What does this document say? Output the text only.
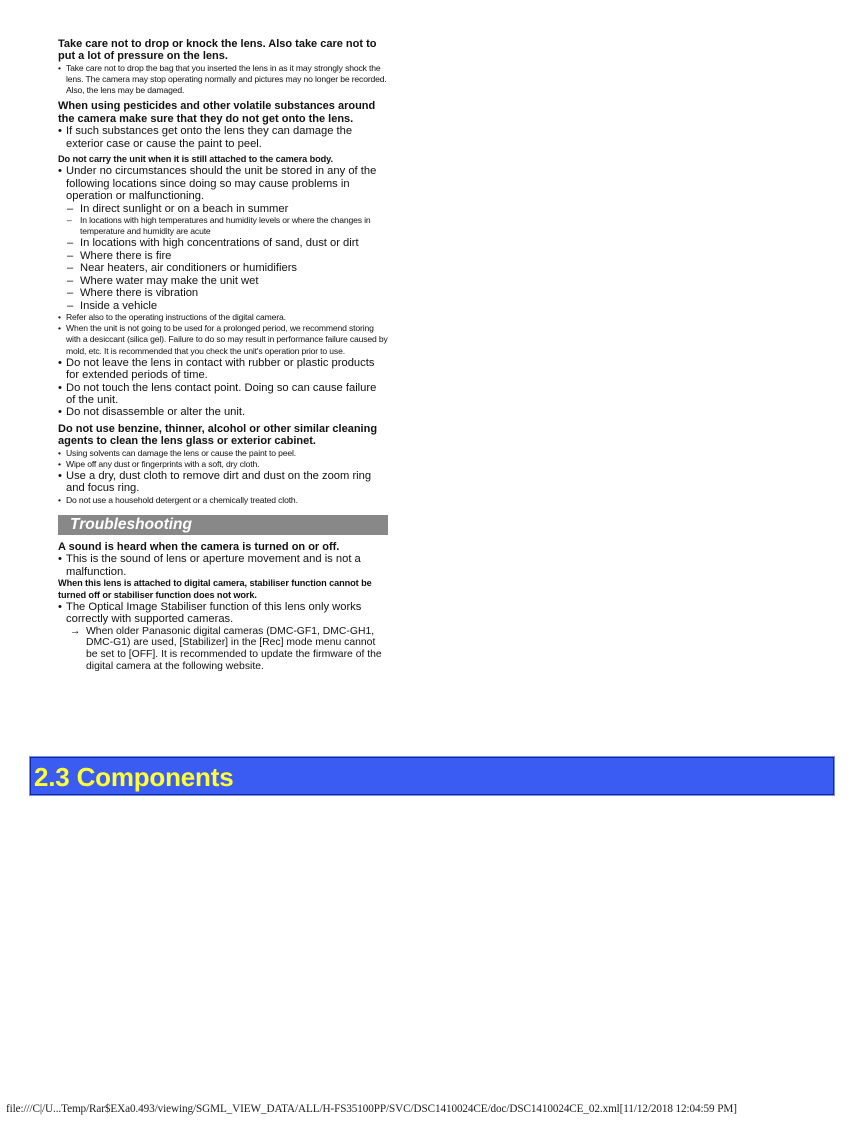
Take care not to drop or knock the lens. Also take care not to put a lot of pressure on the lens.

• Take care not to drop the bag that you inserted the lens in as it may strongly shock the lens. The camera may stop operating normally and pictures may no longer be recorded. Also, the lens may be damaged.

When using pesticides and other volatile substances around the camera make sure that they do not get onto the lens.

• If such substances get onto the lens they can damage the exterior case or cause the paint to peel.

Do not carry the unit when it is still attached to the camera body.

• Under no circumstances should the unit be stored in any of the following locations since doing so may cause problems in operation or malfunctioning.
– In direct sunlight or on a beach in summer
– In locations with high temperatures and humidity levels or where the changes in temperature and humidity are acute
– In locations with high concentrations of sand, dust or dirt
– Where there is fire
– Near heaters, air conditioners or humidifiers
– Where water may make the unit wet
– Where there is vibration
– Inside a vehicle
• Refer also to the operating instructions of the digital camera.
• When the unit is not going to be used for a prolonged period, we recommend storing with a desiccant (silica gel). Failure to do so may result in performance failure caused by mold, etc. It is recommended that you check the unit's operation prior to use.
• Do not leave the lens in contact with rubber or plastic products for extended periods of time.
• Do not touch the lens contact point. Doing so can cause failure of the unit.
• Do not disassemble or alter the unit.

Do not use benzine, thinner, alcohol or other similar cleaning agents to clean the lens glass or exterior cabinet.

• Using solvents can damage the lens or cause the paint to peel.
• Wipe off any dust or fingerprints with a soft, dry cloth.
• Use a dry, dust cloth to remove dirt and dust on the zoom ring and focus ring.
• Do not use a household detergent or a chemically treated cloth.
Troubleshooting

A sound is heard when the camera is turned on or off.

• This is the sound of lens or aperture movement and is not a malfunction.

When this lens is attached to digital camera, stabiliser function cannot be turned off or stabiliser function does not work.

• The Optical Image Stabiliser function of this lens only works correctly with supported cameras.
→ When older Panasonic digital cameras (DMC-GF1, DMC-GH1, DMC-G1) are used, [Stabilizer] in the [Rec] mode menu cannot be set to [OFF]. It is recommended to update the firmware of the digital camera at the following website.
2.3 Components
file:///C|/U...Temp/Rar$EXa0.493/viewing/SGML_VIEW_DATA/ALL/H-FS35100PP/SVC/DSC1410024CE/doc/DSC1410024CE_02.xml[11/12/2018 12:04:59 PM]
